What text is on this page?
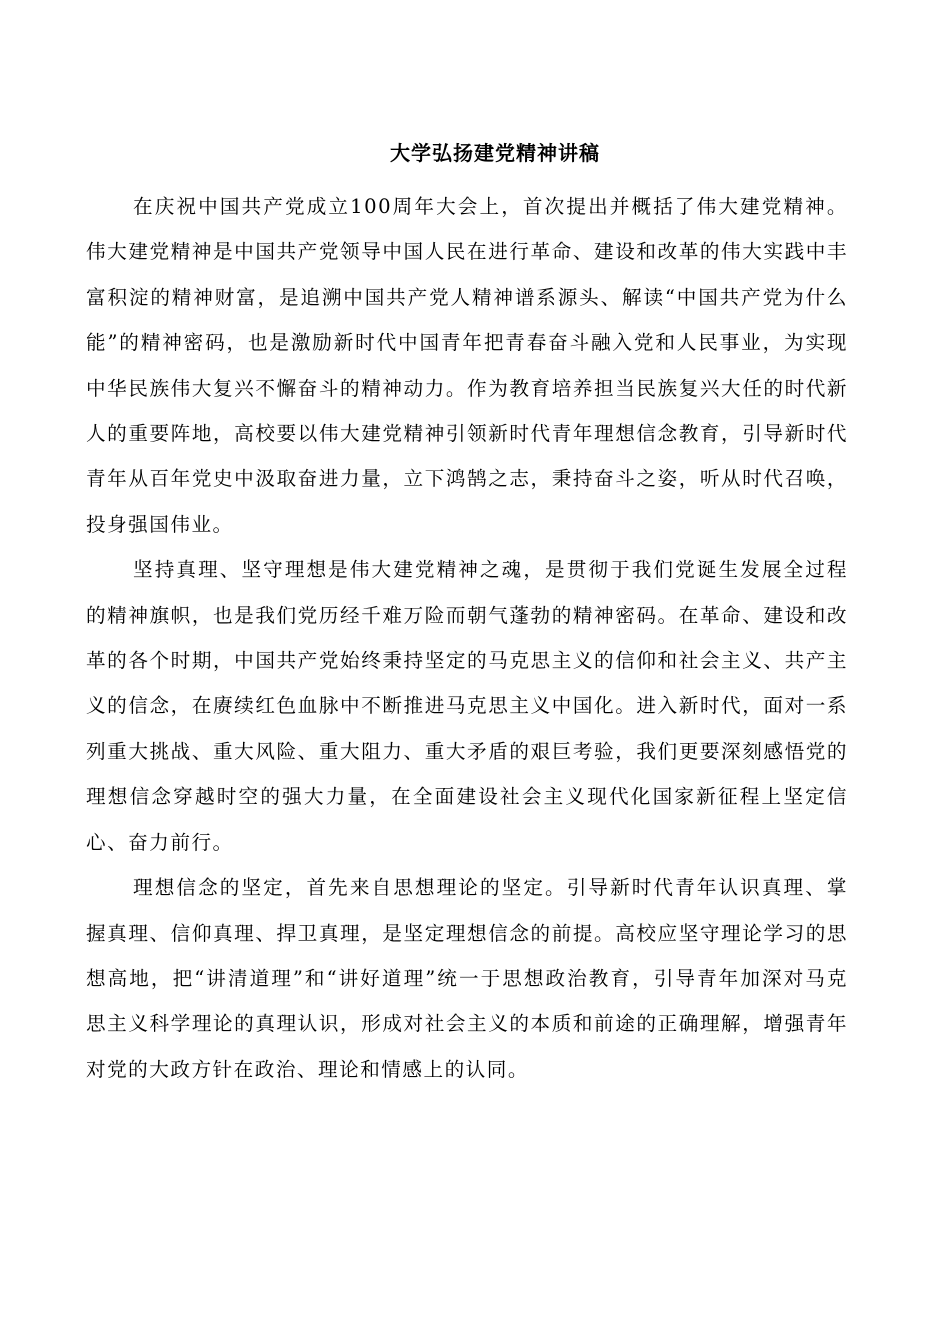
大学弘扬建党精神讲稿

在庆祝中国共产党成立100周年大会上，首次提出并概括了伟大建党精神。伟大建党精神是中国共产党领导中国人民在进行革命、建设和改革的伟大实践中丰富积淀的精神财富，是追溯中国共产党人精神谱系源头、解读“中国共产党为什么能”的精神密码，也是激励新时代中国青年把青春奋斗融入党和人民事业，为实现中华民族伟大复兴不懈奋斗的精神动力。作为教育培养担当民族复兴大任的时代新人的重要阵地，高校要以伟大建党精神引领新时代青年理想信念教育，引导新时代青年从百年党史中汲取奋进力量，立下鸿鹄之志，秉持奋斗之姿，听从时代召唤，投身强国伟业。

坚持真理、坚守理想是伟大建党精神之魂，是贯彻于我们党诞生发展全过程的精神旗帜，也是我们党历经千难万险而朝气蓬勃的精神密码。在革命、建设和改革的各个时期，中国共产党始终秉持坚定的马克思主义的信仰和社会主义、共产主义的信念，在赓续红色血脉中不断推进马克思主义中国化。进入新时代，面对一系列重大挑战、重大风险、重大阻力、重大矛盾的艰巨考验，我们更要深刻感悟党的理想信念穿越时空的强大力量，在全面建设社会主义现代化国家新征程上坚定信心、奋力前行。

理想信念的坚定，首先来自思想理论的坚定。引导新时代青年认识真理、掌握真理、信仰真理、捍卫真理，是坚定理想信念的前提。高校应坚守理论学习的思想高地，把“讲清道理”和“讲好道理”统一于思想政治教育，引导青年加深对马克思主义科学理论的真理认识，形成对社会主义的本质和前途的正确理解，增强青年对党的大政方针在政治、理论和情感上的认同。
